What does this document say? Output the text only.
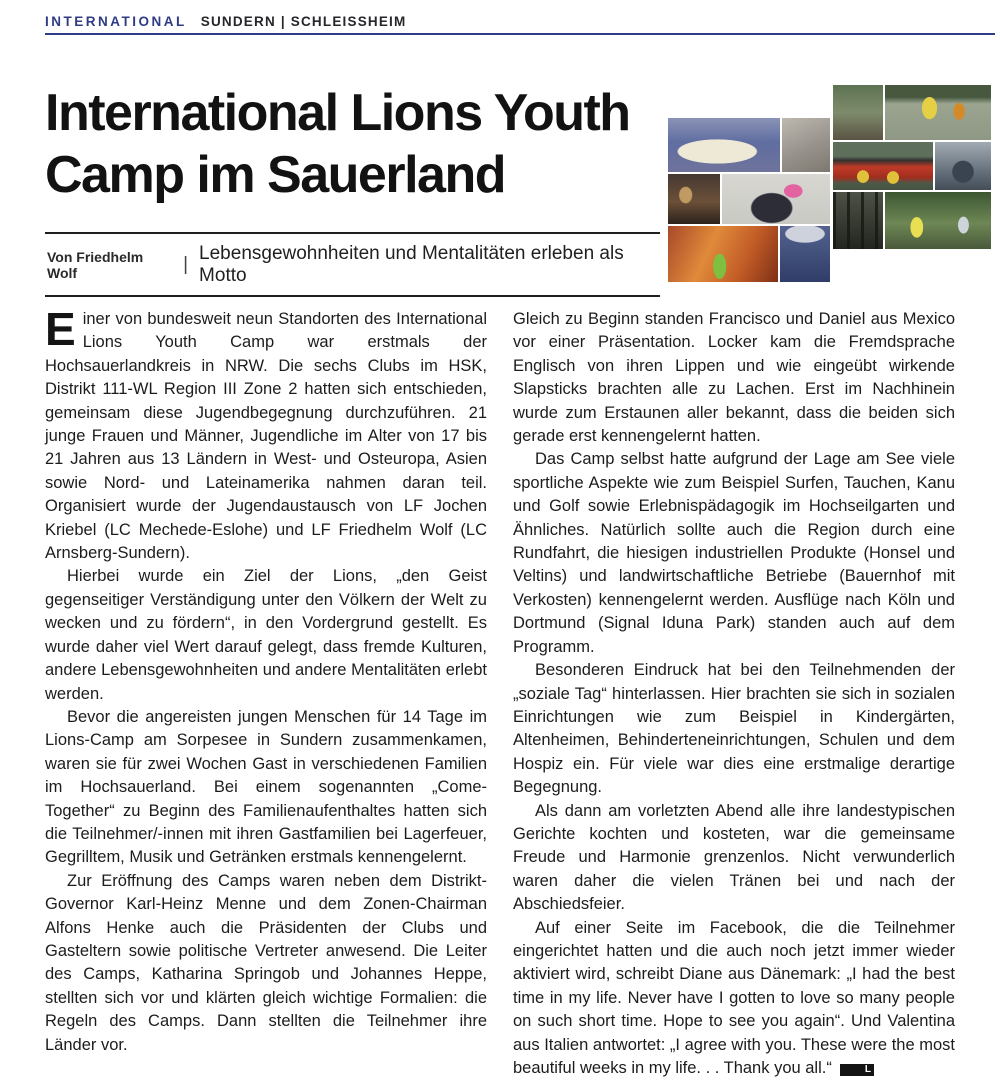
INTERNATIONAL SUNDERN | SCHLEISSHEIM
International Lions Youth
Camp im Sauerland
Von Friedhelm Wolf	|
Lebensgewohnheiten und Mentalitäten erleben als Motto

Einer von bundesweit neun Standorten des International Lions Youth Camp war erstmals der Hochsauerlandkreis in NRW. Die sechs Clubs im HSK, Distrikt 111-WL Region III Zone 2 hatten sich entschieden, gemeinsam diese Jugendbegegnung durchzuführen. 21 junge Frauen und Männer, Jugendliche im Alter von 17 bis 21 Jahren aus 13 Ländern in West- und Osteuropa, Asien sowie Nord- und Lateinamerika nahmen daran teil. Organisiert wurde der Jugendaustausch von LF Jochen Kriebel (LC Mechede-Eslohe) und LF Friedhelm Wolf (LC Arnsberg-Sundern).

Hierbei wurde ein Ziel der Lions, „den Geist gegenseitiger Verständigung unter den Völkern der Welt zu wecken und zu fördern“, in den Vordergrund gestellt. Es wurde daher viel Wert darauf gelegt, dass fremde Kulturen, andere Lebensgewohnheiten und andere Mentalitäten erlebt werden.

Bevor die angereisten jungen Menschen für 14 Tage im Lions-Camp am Sorpesee in Sundern zusammenkamen, waren sie für zwei Wochen Gast in verschiedenen Familien im Hochsauerland. Bei einem sogenannten „Come-Together“ zu Beginn des Familienaufenthaltes hatten sich die Teilnehmer/-innen mit ihren Gastfamilien bei Lagerfeuer, Gegrilltem, Musik und Getränken erstmals kennengelernt.

Zur Eröffnung des Camps waren neben dem Distrikt-Governor Karl-Heinz Menne und dem Zonen-Chairman Alfons Henke auch die Präsidenten der Clubs und Gasteltern sowie politische Vertreter anwesend. Die Leiter des Camps, Katharina Springob und Johannes Heppe, stellten sich vor und klärten gleich wichtige Formalien: die Regeln des Camps. Dann stellten die Teilnehmer ihre Länder vor.

Gleich zu Beginn standen Francisco und Daniel aus Mexico vor einer Präsentation. Locker kam die Fremdsprache Englisch von ihren Lippen und wie eingeübt wirkende Slapsticks brachten alle zu Lachen. Erst im Nachhinein wurde zum Erstaunen aller bekannt, dass die beiden sich gerade erst kennengelernt hatten.

Das Camp selbst hatte aufgrund der Lage am See viele sportliche Aspekte wie zum Beispiel Surfen, Tauchen, Kanu und Golf sowie Erlebnispädagogik im Hochseilgarten und Ähnliches. Natürlich sollte auch die Region durch eine Rundfahrt, die hiesigen industriellen Produkte (Honsel und Veltins) und landwirtschaftliche Betriebe (Bauernhof mit Verkosten) kennengelernt werden. Ausflüge nach Köln und Dortmund (Signal Iduna Park) standen auch auf dem Programm.

Besonderen Eindruck hat bei den Teilnehmenden der „soziale Tag“ hinterlassen. Hier brachten sie sich in sozialen Einrichtungen wie zum Beispiel in Kindergärten, Altenheimen, Behinderteneinrichtungen, Schulen und dem Hospiz ein. Für viele war dies eine erstmalige derartige Begegnung.

Als dann am vorletzten Abend alle ihre landestypischen Gerichte kochten und kosteten, war die gemeinsame Freude und Harmonie grenzenlos. Nicht verwunderlich waren daher die vielen Tränen bei und nach der Abschiedsfeier.

Auf einer Seite im Facebook, die die Teilnehmer eingerichtet hatten und die auch noch jetzt immer wieder aktiviert wird, schreibt Diane aus Dänemark: „I had the best time in my life. Never have I gotten to love so many people on such short time. Hope to see you again“. Und Valentina aus Italien antwortet: „I agree with you. These were the most beautiful weeks in my life. . . Thank you all.“	L
